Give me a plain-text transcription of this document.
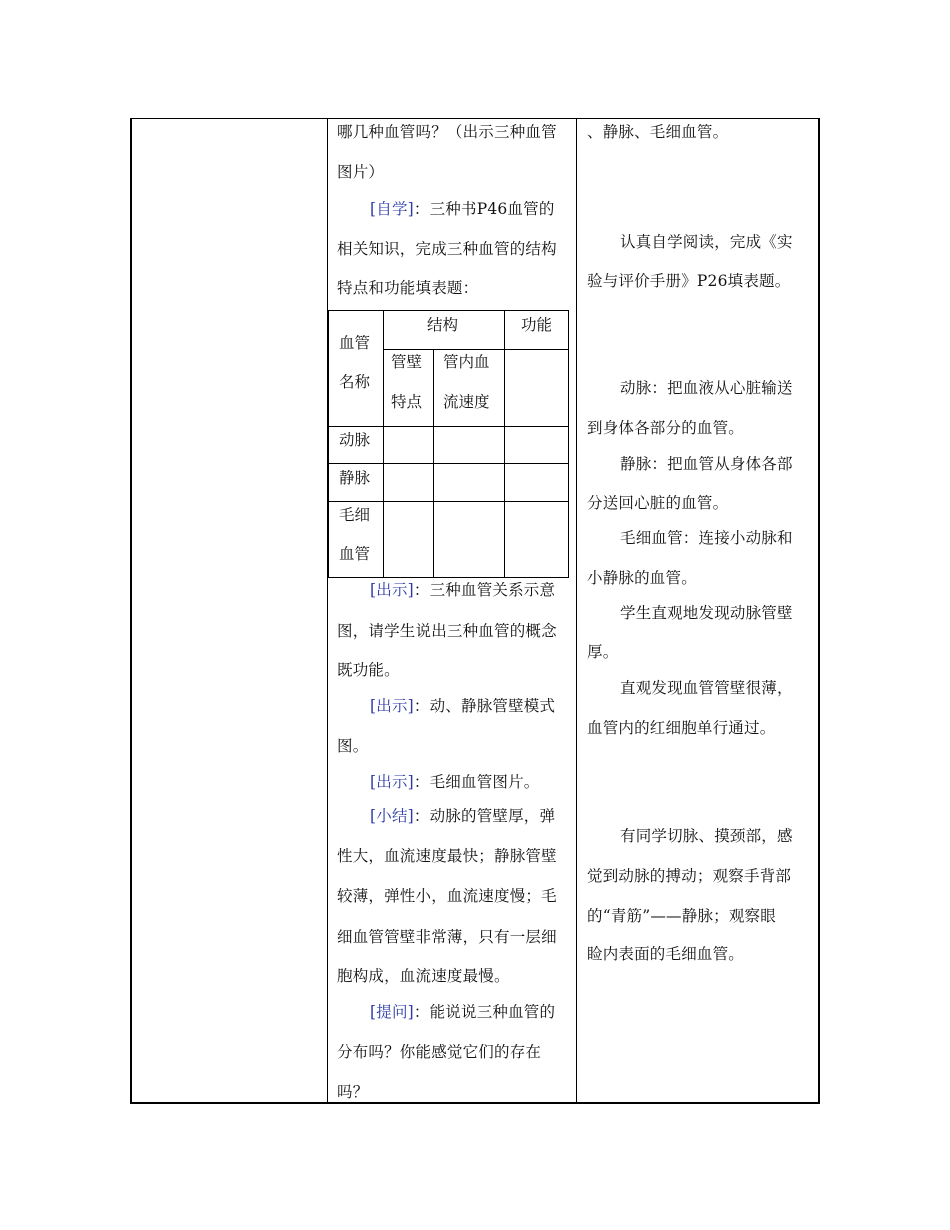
哪几种血管吗？（出示三种血管
图片）
[自学]：三种书P46血管的
相关知识，完成三种血管的结构
特点和功能填表题：
血管
名称
结构	功能
管壁
特点
管内血
流速度
动脉
静脉
毛细
血管
[出示]：三种血管关系示意
图，请学生说出三种血管的概念
既功能。
[出示]：动、静脉管壁模式
图。
[出示]：毛细血管图片。
[小结]：动脉的管壁厚，弹
性大，血流速度最快；静脉管壁
较薄，弹性小，血流速度慢；毛
细血管管壁非常薄，只有一层细
胞构成，血流速度最慢。
[提问]：能说说三种血管的
分布吗？你能感觉它们的存在
吗？
、静脉、毛细血管。
认真自学阅读，完成《实
验与评价手册》P26填表题。
动脉：把血液从心脏输送
到身体各部分的血管。
静脉：把血管从身体各部
分送回心脏的血管。
毛细血管：连接小动脉和
小静脉的血管。
学生直观地发现动脉管壁
厚。
直观发现血管管壁很薄，
血管内的红细胞单行通过。
有同学切脉、摸颈部，感
觉到动脉的搏动；观察手背部
的“青筋”——静脉；观察眼
睑内表面的毛细血管。
